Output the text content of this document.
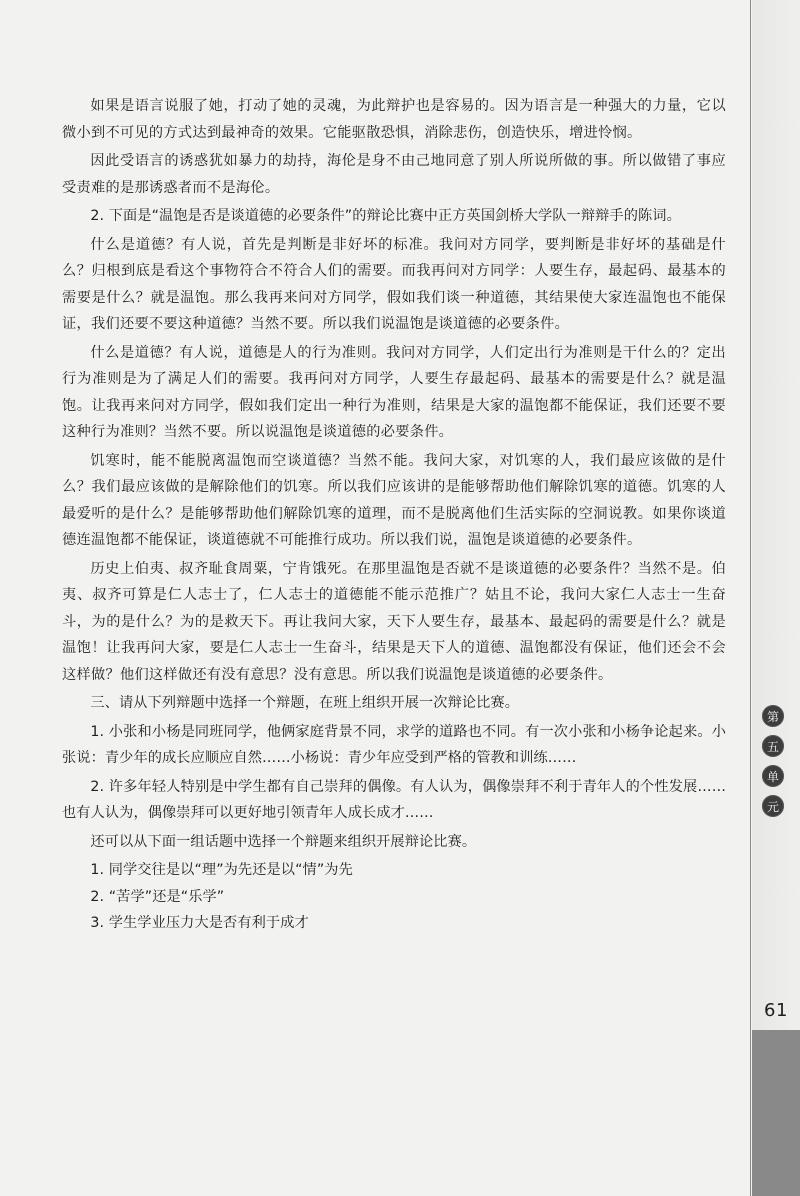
如果是语言说服了她，打动了她的灵魂，为此辩护也是容易的。因为语言是一种强大的力量，它以微小到不可见的方式达到最神奇的效果。它能驱散恐惧，消除悲伤，创造快乐，增进怜悯。

因此受语言的诱惑犹如暴力的劫持，海伦是身不由己地同意了别人所说所做的事。所以做错了事应受责难的是那诱惑者而不是海伦。

2. 下面是“温饱是否是谈道德的必要条件”的辩论比赛中正方英国剑桥大学队一辩辩手的陈词。

什么是道德？有人说，首先是判断是非好坏的标准。我问对方同学，要判断是非好坏的基础是什么？归根到底是看这个事物符合不符合人们的需要。而我再问对方同学：人要生存，最起码、最基本的需要是什么？就是温饱。那么我再来问对方同学，假如我们谈一种道德，其结果使大家连温饱也不能保证，我们还要不要这种道德？当然不要。所以我们说温饱是谈道德的必要条件。

什么是道德？有人说，道德是人的行为准则。我问对方同学，人们定出行为准则是干什么的？定出行为准则是为了满足人们的需要。我再问对方同学，人要生存最起码、最基本的需要是什么？就是温饱。让我再来问对方同学，假如我们定出一种行为准则，结果是大家的温饱都不能保证，我们还要不要这种行为准则？当然不要。所以说温饱是谈道德的必要条件。

饥寒时，能不能脱离温饱而空谈道德？当然不能。我问大家，对饥寒的人，我们最应该做的是什么？我们最应该做的是解除他们的饥寒。所以我们应该讲的是能够帮助他们解除饥寒的道德。饥寒的人最爱听的是什么？是能够帮助他们解除饥寒的道理，而不是脱离他们生活实际的空洞说教。如果你谈道德连温饱都不能保证，谈道德就不可能推行成功。所以我们说，温饱是谈道德的必要条件。

历史上伯夷、叔齐耻食周粟，宁肯饿死。在那里温饱是否就不是谈道德的必要条件？当然不是。伯夷、叔齐可算是仁人志士了，仁人志士的道德能不能示范推广？姑且不论，我问大家仁人志士一生奋斗，为的是什么？为的是救天下。再让我问大家，天下人要生存，最基本、最起码的需要是什么？就是温饱！让我再问大家，要是仁人志士一生奋斗，结果是天下人的道德、温饱都没有保证，他们还会不会这样做？他们这样做还有没有意思？没有意思。所以我们说温饱是谈道德的必要条件。

三、请从下列辩题中选择一个辩题，在班上组织开展一次辩论比赛。

1. 小张和小杨是同班同学，他俩家庭背景不同，求学的道路也不同。有一次小张和小杨争论起来。小张说：青少年的成长应顺应自然……小杨说：青少年应受到严格的管教和训练……

2. 许多年轻人特别是中学生都有自己崇拜的偶像。有人认为，偶像崇拜不利于青年人的个性发展……也有人认为，偶像崇拜可以更好地引领青年人成长成才……

还可以从下面一组话题中选择一个辩题来组织开展辩论比赛。

1. 同学交往是以“理”为先还是以“情”为先

2. “苦学”还是“乐学”

3. 学生学业压力大是否有利于成才

第
五
单
元
61
